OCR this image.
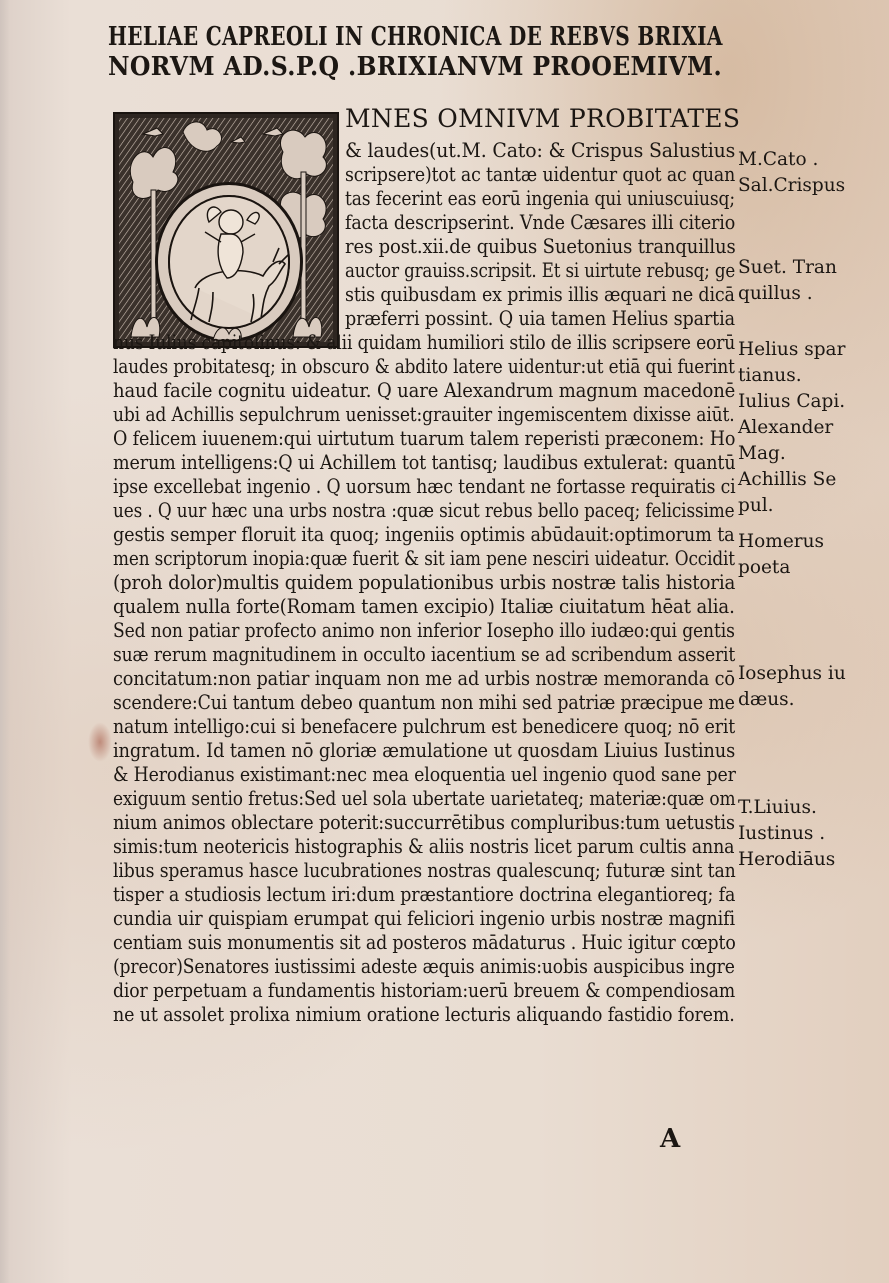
HELIAE CAPREOLI IN CHRONICA DE REBVS BRIXIA
NORVM AD.S.P.Q .BRIXIANVM PROOEMIVM.
MNES OMNIVM PROBITATES
& laudes(ut.M. Cato: & Crispus Salustius
scripsere)tot ac tantæ uidentur quot ac quan
tas fecerint eas eorū ingenia qui uniuscuiusq;
facta descripserint. Vnde Cæsares illi citerio
res post.xii.de quibus Suetonius tranquillus
auctor grauiss.scripsit. Et si uirtute rebusq; ge
stis quibusdam ex primis illis æquari ne dicā
præferri possint. Q uia tamen Helius spartia
nus Iulius capitolinus: & alii quidam humiliori stilo de illis scripsere eorū
laudes probitatesq; in obscuro & abdito latere uidentur:ut etiā qui fuerint
haud facile cognitu uideatur. Q uare Alexandrum magnum macedonē
ubi ad Achillis sepulchrum uenisset:grauiter ingemiscentem dixisse aiūt.
O felicem iuuenem:qui uirtutum tuarum talem reperisti præconem: Ho
merum intelligens:Q ui Achillem tot tantisq; laudibus extulerat: quantū
ipse excellebat ingenio . Q uorsum hæc tendant ne fortasse requiratis ci
ues . Q uur hæc una urbs nostra :quæ sicut rebus bello paceq; felicissime
gestis semper floruit ita quoq; ingeniis optimis abūdauit:optimorum ta
men scriptorum inopia:quæ fuerit & sit iam pene nesciri uideatur. Occidit
(proh dolor)multis quidem populationibus urbis nostræ talis historia
qualem nulla forte(Romam tamen excipio) Italiæ ciuitatum hēat alia.
Sed non patiar profecto animo non inferior Iosepho illo iudæo:qui gentis
suæ rerum magnitudinem in occulto iacentium se ad scribendum asserit
concitatum:non patiar inquam non me ad urbis nostræ memoranda cō
scendere:Cui tantum debeo quantum non mihi sed patriæ præcipue me
natum intelligo:cui si benefacere pulchrum est benedicere quoq; nō erit
ingratum. Id tamen nō gloriæ æmulatione ut quosdam Liuius Iustinus
& Herodianus existimant:nec mea eloquentia uel ingenio quod sane per
exiguum sentio fretus:Sed uel sola ubertate uarietateq; materiæ:quæ om
nium animos oblectare poterit:succurrētibus compluribus:tum uetustis
simis:tum neotericis histographis & aliis nostris licet parum cultis anna
libus speramus hasce lucubrationes nostras qualescunq; futuræ sint tan
tisper a studiosis lectum iri:dum præstantiore doctrina elegantioreq; fa
cundia uir quispiam erumpat qui feliciori ingenio urbis nostræ magnifi
centiam suis monumentis sit ad posteros mādaturus . Huic igitur cœpto
(precor)Senatores iustissimi adeste æquis animis:uobis auspicibus ingre
dior perpetuam a fundamentis historiam:uerū breuem & compendiosam
ne ut assolet prolixa nimium oratione lecturis aliquando fastidio forem.
M.Cato .
Sal.Crispus
Suet. Tran
quillus .
Helius spar
tianus.
Iulius Capi.
Alexander
Mag.
Achillis Se
pul.
Homerus
poeta
Iosephus iu
dæus.
T.Liuius.
Iustinus .
Herodiāus
A
